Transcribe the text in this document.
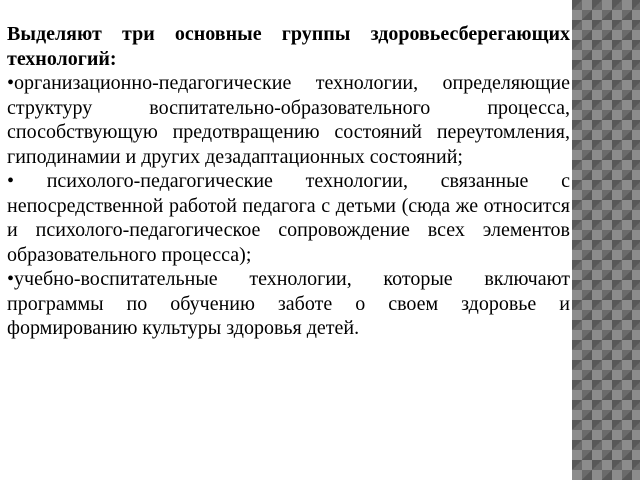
Выделяют три основные группы здоровьесберегающих технологий:

•организационно-педагогические технологии, определяющие структуру воспитательно-образовательного процесса, способствующую предотвращению состояний переутомления, гиподинамии и других дезадаптационных состояний;

• психолого-педагогические технологии, связанные с непосредственной работой педагога с детьми (сюда же относится и психолого-педагогическое сопровождение всех элементов образовательного процесса);

•учебно-воспитательные технологии, которые включают программы по обучению заботе о своем здоровье и формированию культуры здоровья детей.
